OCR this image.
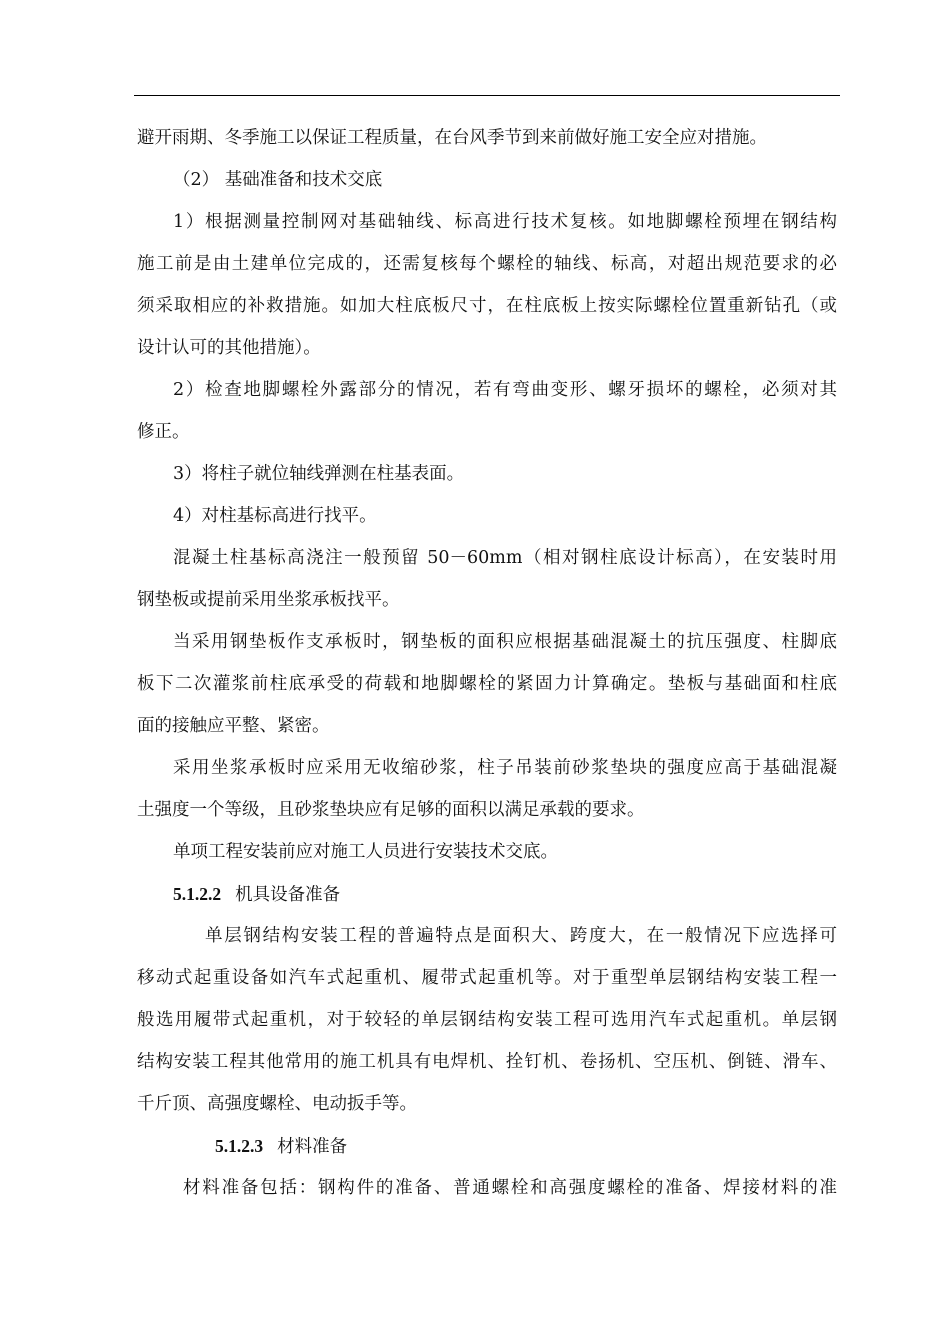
避开雨期、冬季施工以保证工程质量，在台风季节到来前做好施工安全应对措施。
（2） 基础准备和技术交底
1）根据测量控制网对基础轴线、标高进行技术复核。如地脚螺栓预埋在钢结构
施工前是由土建单位完成的，还需复核每个螺栓的轴线、标高，对超出规范要求的必
须采取相应的补救措施。如加大柱底板尺寸，在柱底板上按实际螺栓位置重新钻孔（或
设计认可的其他措施）。
2）检查地脚螺栓外露部分的情况，若有弯曲变形、螺牙损坏的螺栓，必须对其
修正。
3）将柱子就位轴线弹测在柱基表面。
4）对柱基标高进行找平。
混凝土柱基标高浇注一般预留 50－60mm（相对钢柱底设计标高），在安装时用
钢垫板或提前采用坐浆承板找平。
当采用钢垫板作支承板时，钢垫板的面积应根据基础混凝土的抗压强度、柱脚底
板下二次灌浆前柱底承受的荷载和地脚螺栓的紧固力计算确定。垫板与基础面和柱底
面的接触应平整、紧密。
采用坐浆承板时应采用无收缩砂浆，柱子吊装前砂浆垫块的强度应高于基础混凝
土强度一个等级，且砂浆垫块应有足够的面积以满足承载的要求。
单项工程安装前应对施工人员进行安装技术交底。
5.1.2.2 机具设备准备
单层钢结构安装工程的普遍特点是面积大、跨度大，在一般情况下应选择可
移动式起重设备如汽车式起重机、履带式起重机等。对于重型单层钢结构安装工程一
般选用履带式起重机，对于较轻的单层钢结构安装工程可选用汽车式起重机。单层钢
结构安装工程其他常用的施工机具有电焊机、拴钉机、卷扬机、空压机、倒链、滑车、
千斤顶、高强度螺栓、电动扳手等。
5.1.2.3 材料准备
材料准备包括：钢构件的准备、普通螺栓和高强度螺栓的准备、焊接材料的准
